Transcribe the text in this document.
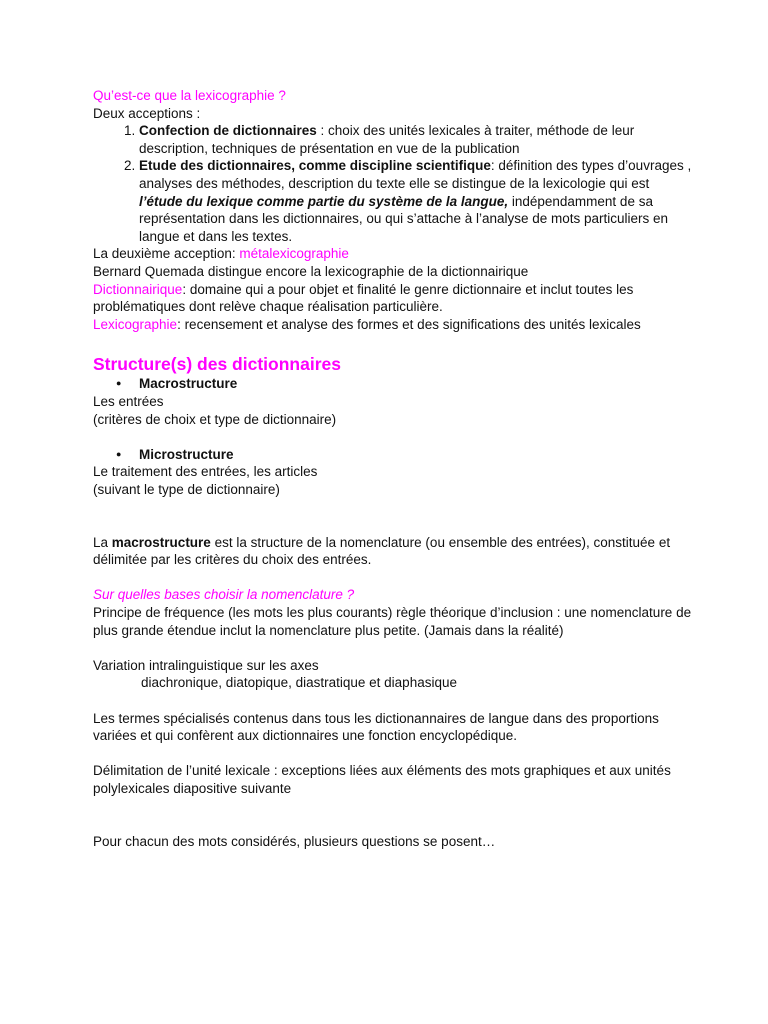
Qu’est-ce que la lexicographie ?
Deux acceptions :
1. Confection de dictionnaires : choix des unités lexicales à traiter, méthode de leur description, techniques de présentation en vue de la publication
2. Etude des dictionnaires, comme discipline scientifique: définition des types d’ouvrages , analyses des méthodes, description du texte elle se distingue de la lexicologie qui est l’étude du lexique comme partie du système de la langue, indépendamment de sa représentation dans les dictionnaires, ou qui s’attache à l’analyse de mots particuliers en langue et dans les textes.
La deuxième acception: métalexicographie
Bernard Quemada distingue encore la lexicographie de la dictionnairique
Dictionnairique: domaine qui a pour objet et finalité le genre dictionnaire et inclut toutes les problématiques dont relève chaque réalisation particulière.
Lexicographie: recensement et analyse des formes et des significations des unités lexicales
Structure(s) des dictionnaires
● Macrostructure
Les entrées
(critères de choix et type de dictionnaire)
● Microstructure
Le traitement des entrées, les articles
(suivant le type de dictionnaire)
La macrostructure est la structure de la nomenclature (ou ensemble des entrées), constituée et délimitée par les critères du choix des entrées.
Sur quelles bases choisir la nomenclature ?
Principe de fréquence (les mots les plus courants) règle théorique d’inclusion : une nomenclature de plus grande étendue inclut la nomenclature plus petite. (Jamais dans la réalité)
Variation intralinguistique sur les axes
diachronique, diatopique, diastratique et diaphasique
Les termes spécialisés contenus dans tous les dictionannaires de langue dans des proportions variées et qui confèrent aux dictionnaires une fonction encyclopédique.
Délimitation de l’unité lexicale : exceptions liées aux éléments des mots graphiques et aux unités polylexicales diapositive suivante
Pour chacun des mots considérés, plusieurs questions se posent…
